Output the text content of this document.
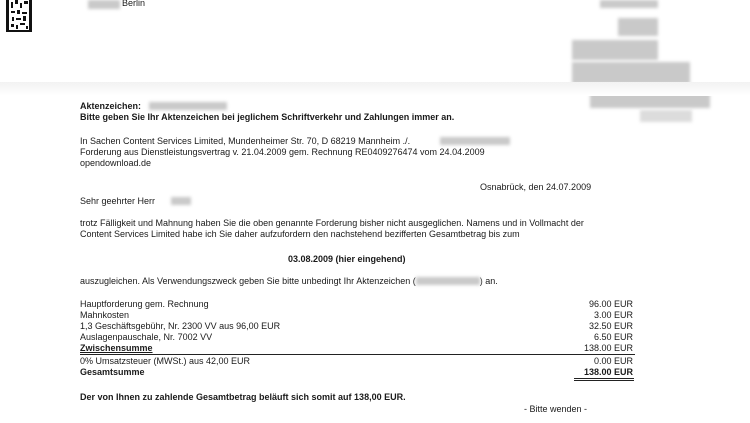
Berlin
Aktenzeichen:
Bitte geben Sie Ihr Aktenzeichen bei jeglichem Schriftverkehr und Zahlungen immer an.
In Sachen Content Services Limited, Mundenheimer Str. 70, D 68219 Mannheim ./.
Forderung aus Dienstleistungsvertrag v. 21.04.2009 gem. Rechnung RE0409276474 vom 24.04.2009
opendownload.de
Osnabrück, den 24.07.2009
Sehr geehrter Herr
trotz Fälligkeit und Mahnung haben Sie die oben genannte Forderung bisher nicht ausgeglichen. Namens und in Vollmacht der
Content Services Limited habe ich Sie daher aufzufordern den nachstehend bezifferten Gesamtbetrag bis zum
03.08.2009 (hier eingehend)
auszugleichen. Als Verwendungszweck geben Sie bitte unbedingt Ihr Aktenzeichen (	) an.
Hauptforderung gem. Rechnung	96.00 EUR
Mahnkosten	3.00 EUR
1,3 Geschäftsgebühr, Nr. 2300 VV aus 96,00 EUR	32.50 EUR
Auslagenpauschale, Nr. 7002 VV	6.50 EUR
Zwischensumme	138.00 EUR
0% Umsatzsteuer (MWSt.) aus 42,00 EUR	0.00 EUR
Gesamtsumme	138.00 EUR
Der von Ihnen zu zahlende Gesamtbetrag beläuft sich somit auf 138,00 EUR.
- Bitte wenden -
